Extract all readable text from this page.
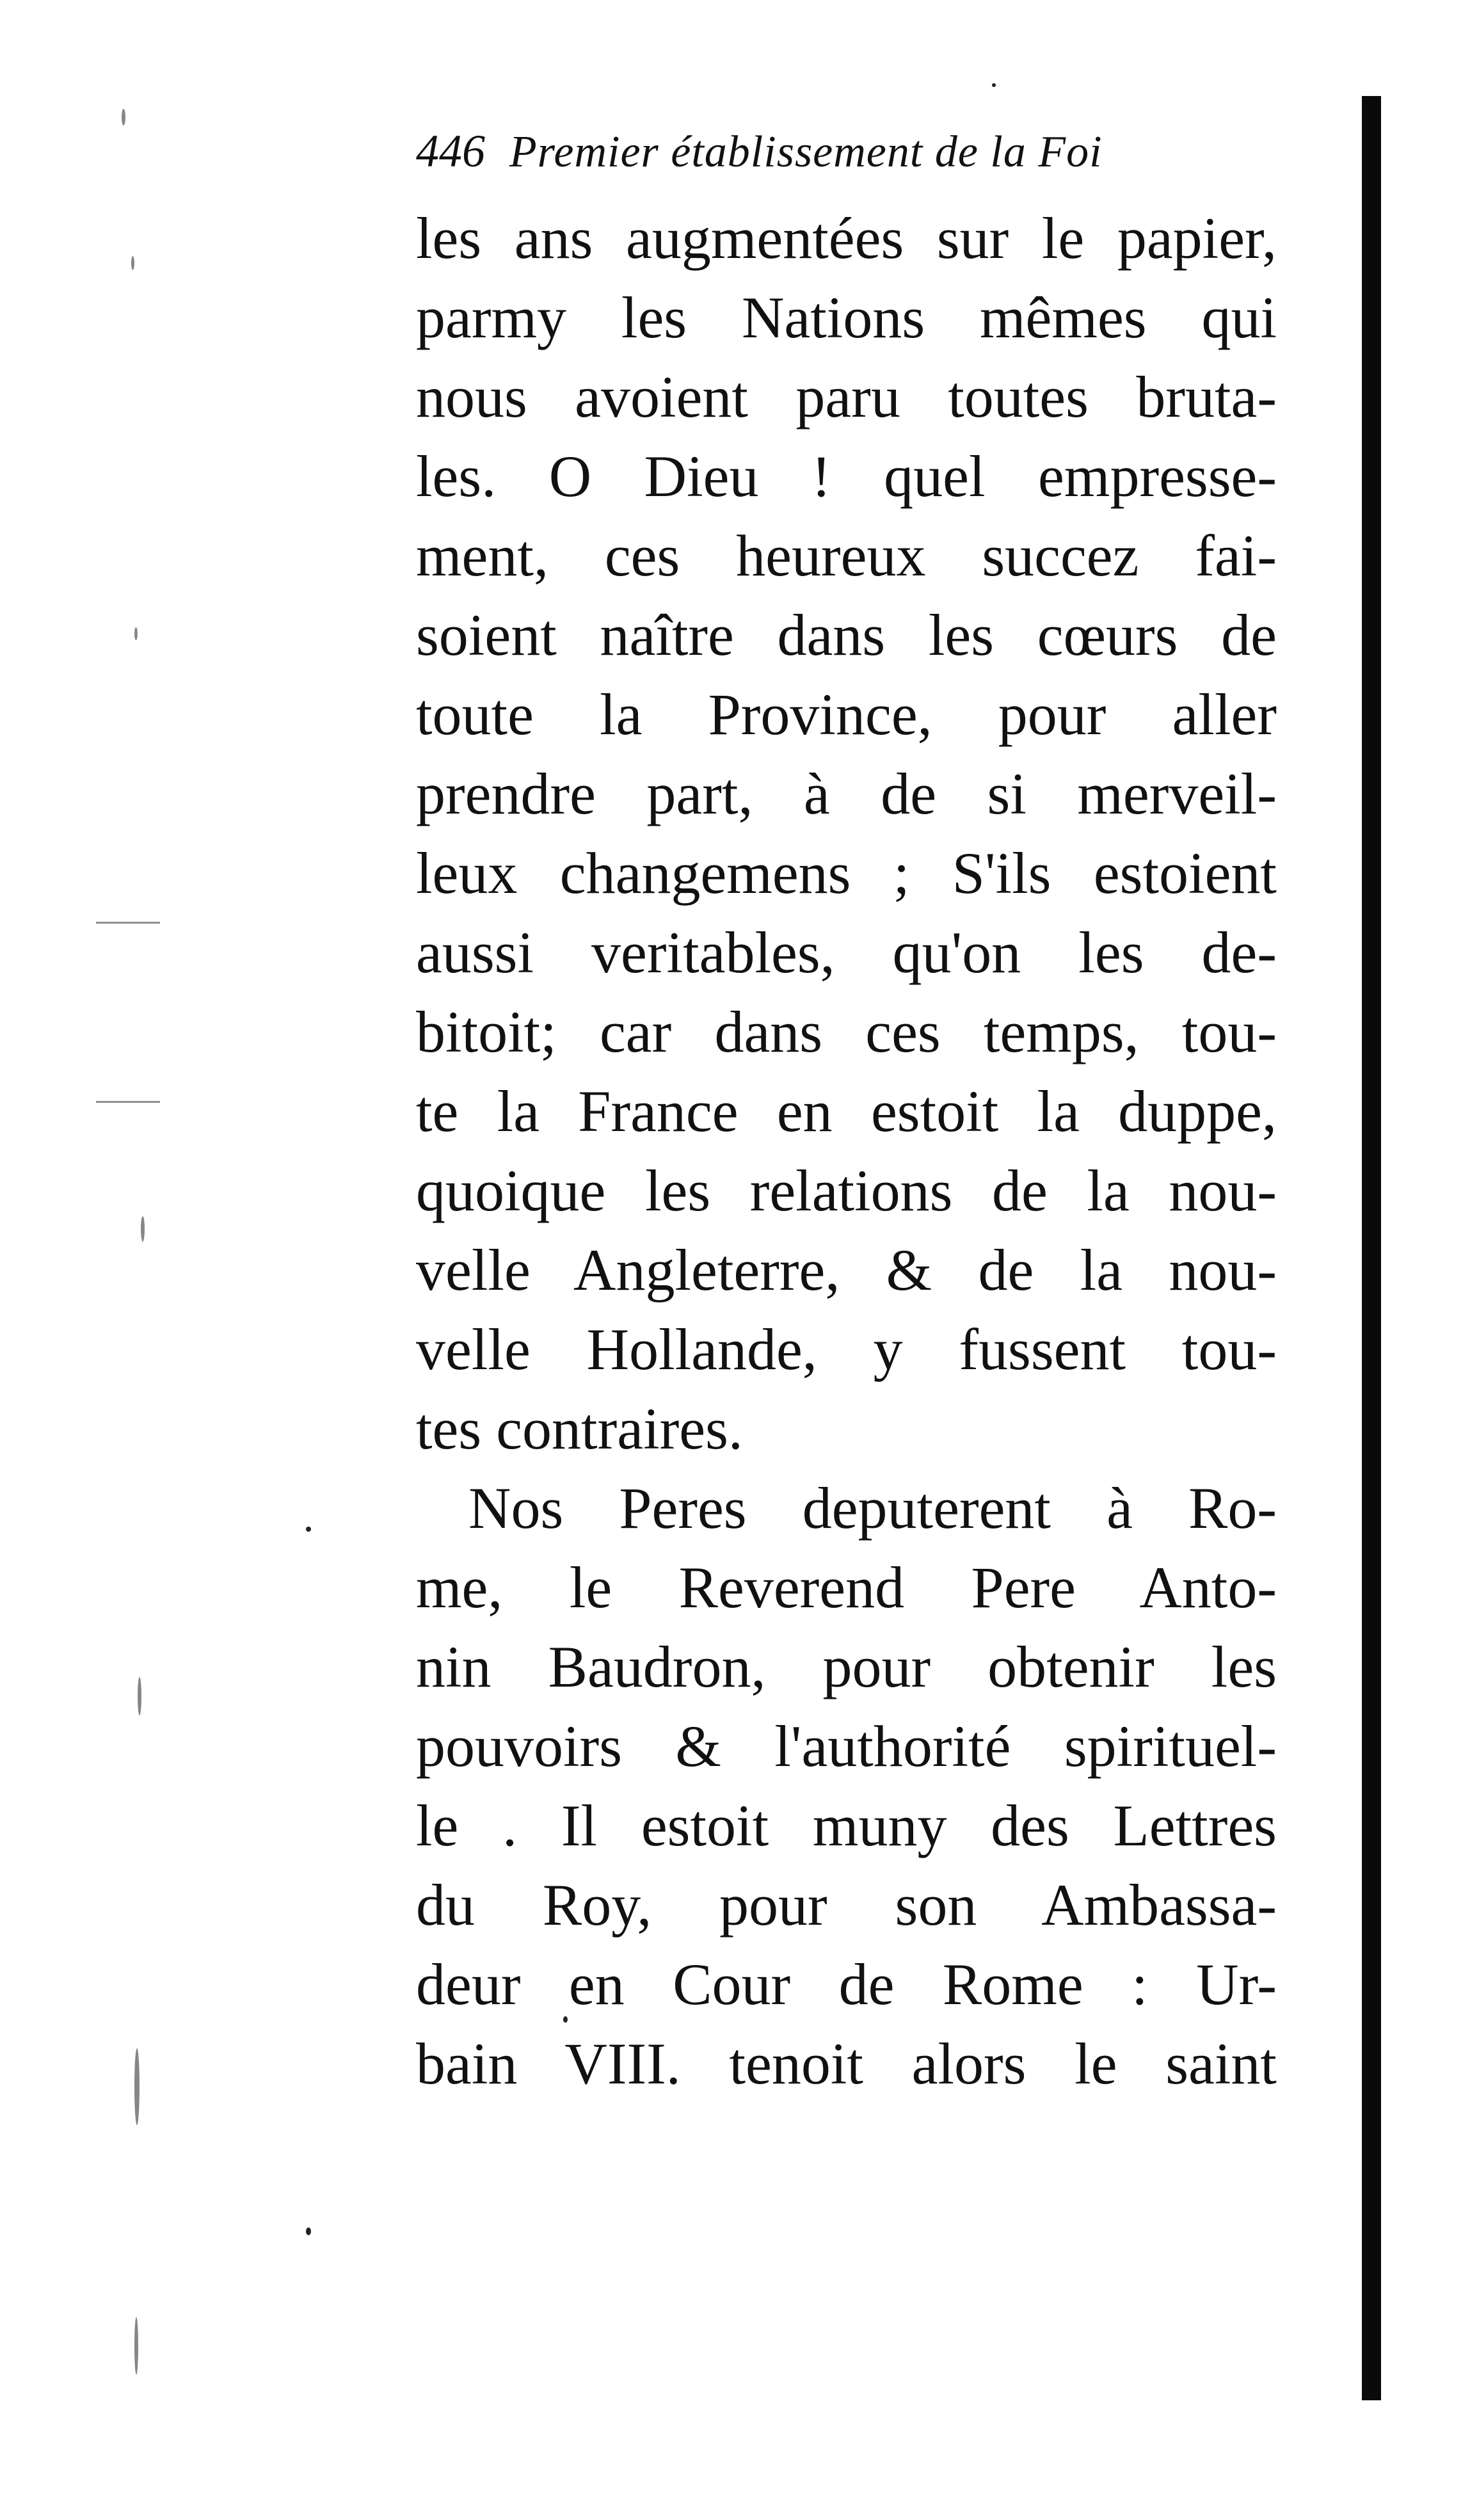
446 Premier établissement de la Foi
les ans augmentées sur le papier,
parmy les Nations mêmes qui
nous avoient paru toutes bruta-
les. O Dieu ! quel empresse-
ment, ces heureux succez fai-
soient naître dans les cœurs de
toute la Province, pour aller
prendre part, à de si merveil-
leux changemens ; S'ils estoient
aussi veritables, qu'on les de-
bitoit; car dans ces temps, tou-
te la France en estoit la duppe,
quoique les relations de la nou-
velle Angleterre, & de la nou-
velle Hollande, y fussent tou-
tes contraires.
Nos Peres deputerent à Ro-
me, le Reverend Pere Anto-
nin Baudron, pour obtenir les
pouvoirs & l'authorité spirituel-
le . Il estoit muny des Lettres
du Roy, pour son Ambassa-
deur en Cour de Rome : Ur-
bain VIII. tenoit alors le saint
